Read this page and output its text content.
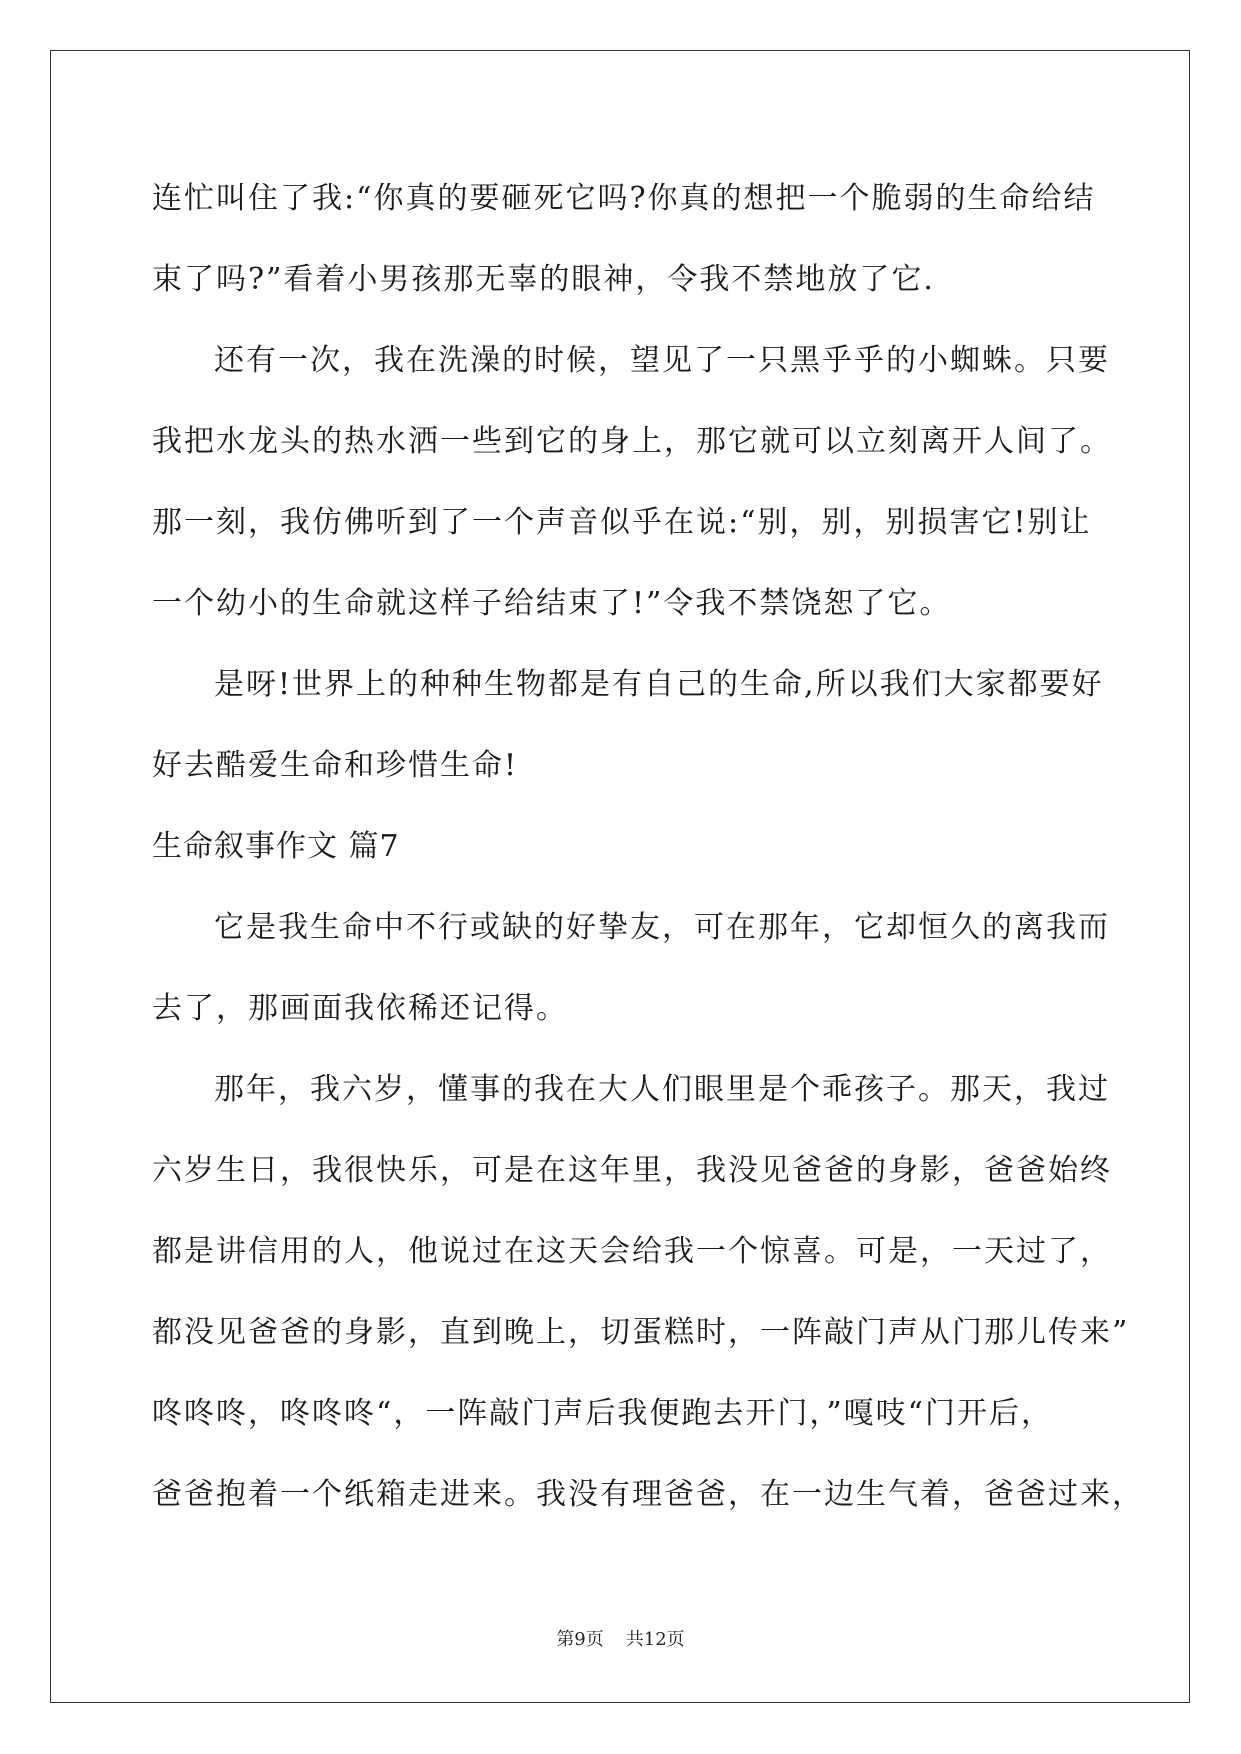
连忙叫住了我:“你真的要砸死它吗?你真的想把一个脆弱的生命给结
束了吗?”看着小男孩那无辜的眼神，令我不禁地放了它.
还有一次，我在洗澡的时候，望见了一只黑乎乎的小蜘蛛。只要
我把水龙头的热水洒一些到它的身上，那它就可以立刻离开人间了。
那一刻，我仿佛听到了一个声音似乎在说:“别，别，别损害它!别让
一个幼小的生命就这样子给结束了!”令我不禁饶恕了它。
是呀!世界上的种种生物都是有自己的生命,所以我们大家都要好
好去酷爱生命和珍惜生命!
生命叙事作文 篇7
它是我生命中不行或缺的好挚友，可在那年，它却恒久的离我而
去了，那画面我依稀还记得。
那年，我六岁，懂事的我在大人们眼里是个乖孩子。那天，我过
六岁生日，我很快乐，可是在这年里，我没见爸爸的身影，爸爸始终
都是讲信用的人，他说过在这天会给我一个惊喜。可是，一天过了，
都没见爸爸的身影，直到晚上，切蛋糕时，一阵敲门声从门那儿传来”
咚咚咚，咚咚咚“，一阵敲门声后我便跑去开门，”嘎吱“门开后，
爸爸抱着一个纸箱走进来。我没有理爸爸，在一边生气着，爸爸过来，
第9页 共12页
